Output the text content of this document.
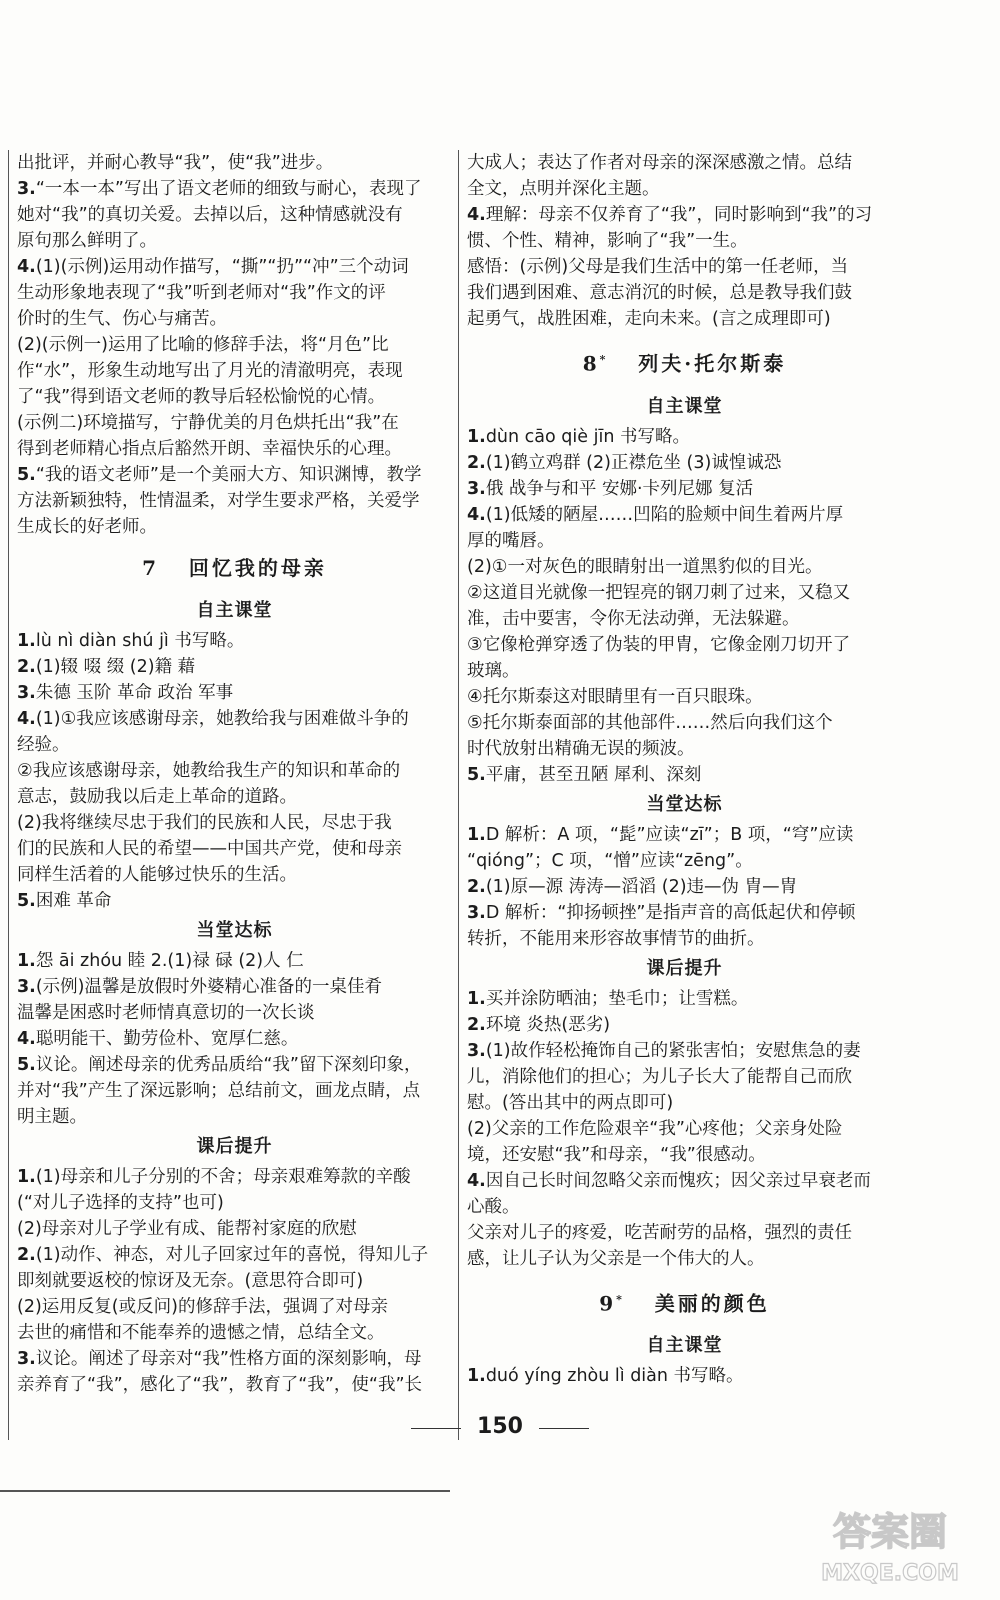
出批评，并耐心教导“我”，使“我”进步。

3.“一本一本”写出了语文老师的细致与耐心，表现了

她对“我”的真切关爱。去掉以后，这种情感就没有

原句那么鲜明了。

4.(1)(示例)运用动作描写，“撕”“扔”“冲”三个动词

生动形象地表现了“我”听到老师对“我”作文的评

价时的生气、伤心与痛苦。

(2)(示例一)运用了比喻的修辞手法，将“月色”比

作“水”，形象生动地写出了月光的清澈明亮，表现

了“我”得到语文老师的教导后轻松愉悦的心情。

(示例二)环境描写，宁静优美的月色烘托出“我”在

得到老师精心指点后豁然开朗、幸福快乐的心理。

5.“我的语文老师”是一个美丽大方、知识渊博，教学

方法新颖独特，性情温柔，对学生要求严格，关爱学

生成长的好老师。

7 回忆我的母亲
自主课堂

1.lù nì diàn shú jì 书写略。

2.(1)辍 啜 缀 (2)籍 藉

3.朱德 玉阶 革命 政治 军事

4.(1)①我应该感谢母亲，她教给我与困难做斗争的

经验。

②我应该感谢母亲，她教给我生产的知识和革命的

意志，鼓励我以后走上革命的道路。

(2)我将继续尽忠于我们的民族和人民，尽忠于我

们的民族和人民的希望——中国共产党，使和母亲

同样生活着的人能够过快乐的生活。

5.困难 革命

当堂达标

1.怨 āi zhóu 睦 2.(1)禄 碌 (2)人 仁

3.(示例)温馨是放假时外婆精心准备的一桌佳肴

温馨是困惑时老师情真意切的一次长谈

4.聪明能干、勤劳俭朴、宽厚仁慈。

5.议论。阐述母亲的优秀品质给“我”留下深刻印象，

并对“我”产生了深远影响；总结前文，画龙点睛，点

明主题。

课后提升

1.(1)母亲和儿子分别的不舍；母亲艰难筹款的辛酸

(“对儿子选择的支持”也可)

(2)母亲对儿子学业有成、能帮衬家庭的欣慰

2.(1)动作、神态，对儿子回家过年的喜悦，得知儿子

即刻就要返校的惊讶及无奈。(意思符合即可)

(2)运用反复(或反问)的修辞手法，强调了对母亲

去世的痛惜和不能奉养的遗憾之情，总结全文。

3.议论。阐述了母亲对“我”性格方面的深刻影响，母

亲养育了“我”，感化了“我”，教育了“我”，使“我”长

大成人；表达了作者对母亲的深深感激之情。总结

全文，点明并深化主题。

4.理解：母亲不仅养育了“我”，同时影响到“我”的习

惯、个性、精神，影响了“我”一生。

感悟：(示例)父母是我们生活中的第一任老师，当

我们遇到困难、意志消沉的时候，总是教导我们鼓

起勇气，战胜困难，走向未来。(言之成理即可)

8* 列夫·托尔斯泰
自主课堂

1.dùn cāo qiè jīn 书写略。

2.(1)鹤立鸡群 (2)正襟危坐 (3)诚惶诚恐

3.俄 战争与和平 安娜·卡列尼娜 复活

4.(1)低矮的陋屋……凹陷的脸颊中间生着两片厚

厚的嘴唇。

(2)①一对灰色的眼睛射出一道黑豹似的目光。

②这道目光就像一把锃亮的钢刀刺了过来，又稳又

准，击中要害，令你无法动弹，无法躲避。

③它像枪弹穿透了伪装的甲胄，它像金刚刀切开了

玻璃。

④托尔斯泰这对眼睛里有一百只眼珠。

⑤托尔斯泰面部的其他部件……然后向我们这个

时代放射出精确无误的频波。

5.平庸，甚至丑陋 犀利、深刻

当堂达标

1.D 解析：A 项，“髭”应读“zī”；B 项，“穹”应读

“qióng”；C 项，“憎”应读“zēng”。

2.(1)原—源 涛涛—滔滔 (2)违—伪 胄—冑

3.D 解析：“抑扬顿挫”是指声音的高低起伏和停顿

转折，不能用来形容故事情节的曲折。

课后提升

1.买并涂防晒油；垫毛巾；让雪糕。

2.环境 炎热(恶劣)

3.(1)故作轻松掩饰自己的紧张害怕；安慰焦急的妻

儿，消除他们的担心；为儿子长大了能帮自己而欣

慰。(答出其中的两点即可)

(2)父亲的工作危险艰辛“我”心疼他；父亲身处险

境，还安慰“我”和母亲，“我”很感动。

4.因自己长时间忽略父亲而愧疚；因父亲过早衰老而

心酸。

父亲对儿子的疼爱，吃苦耐劳的品格，强烈的责任

感，让儿子认为父亲是一个伟大的人。

9* 美丽的颜色
自主课堂

1.duó yíng zhòu lì diàn 书写略。

150
答案圈
MXQE.COM
